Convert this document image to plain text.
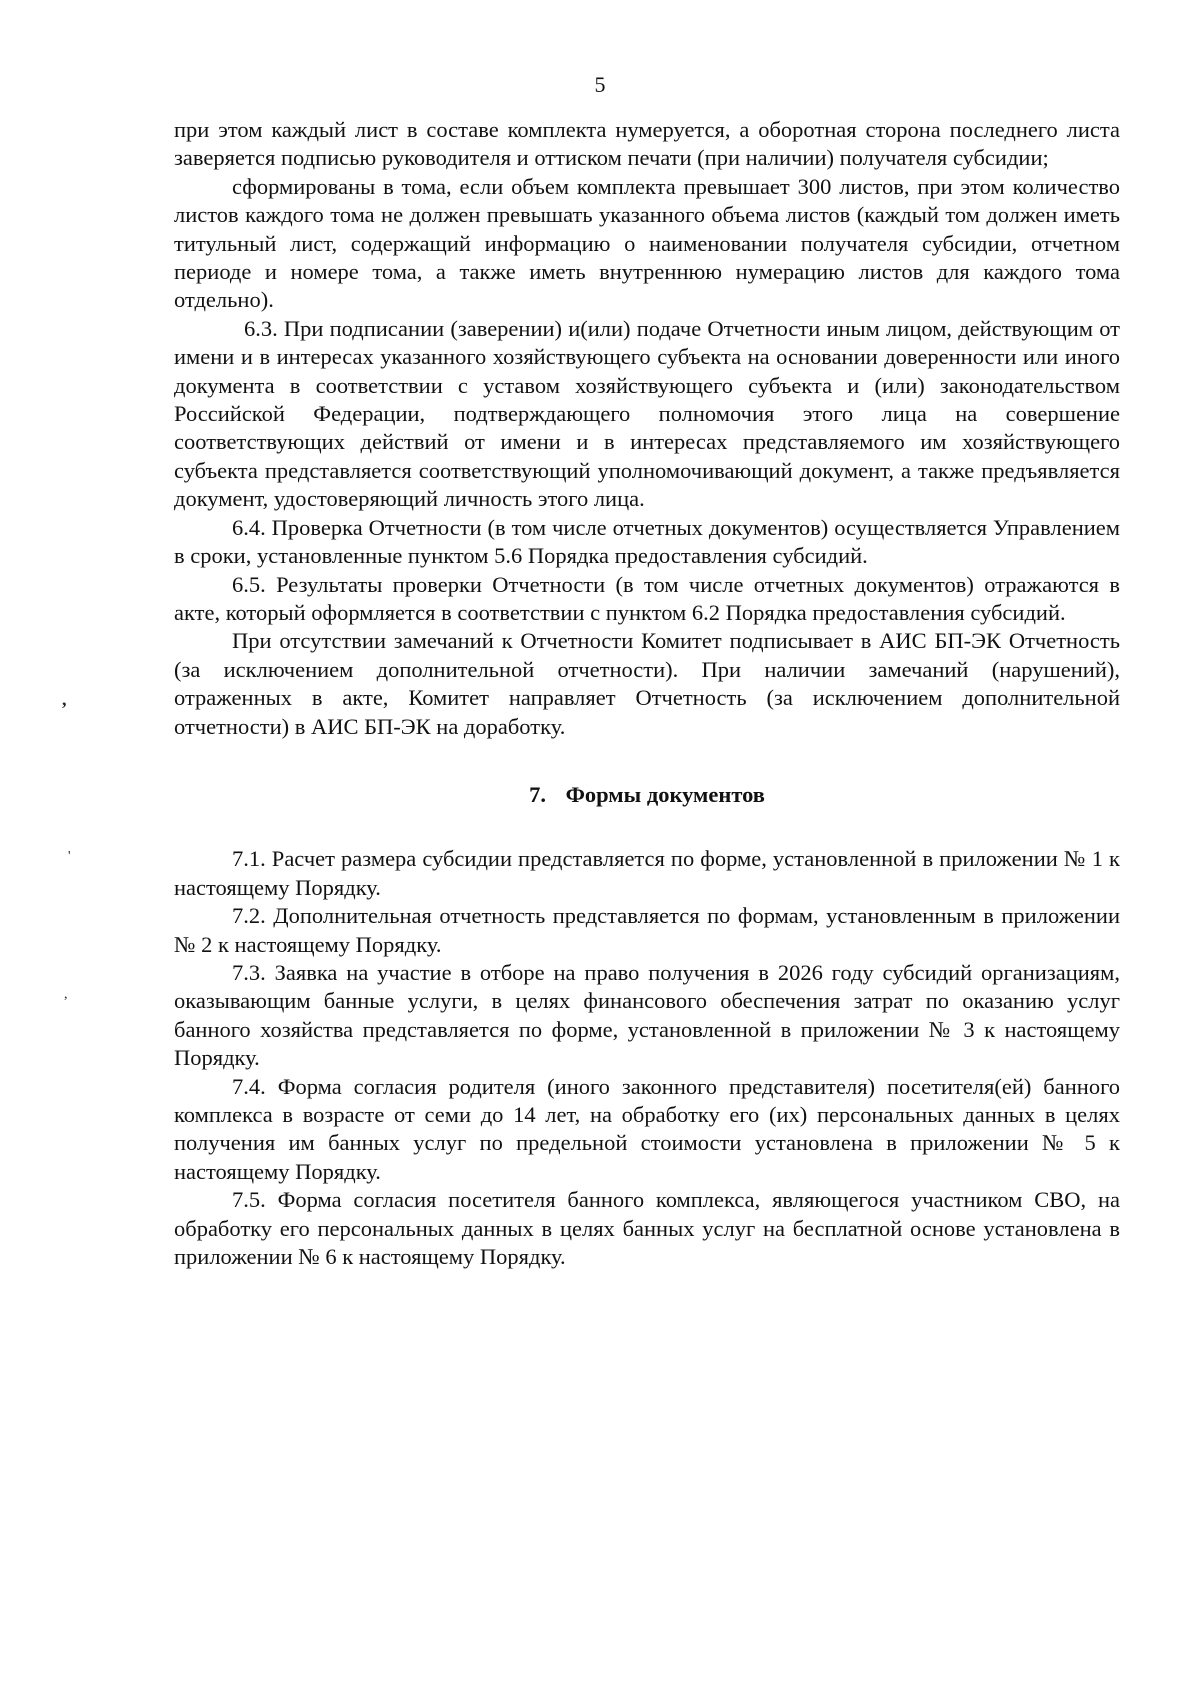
5
,
'
,

при этом каждый лист в составе комплекта нумеруется, а оборотная сторона последнего листа заверяется подписью руководителя и оттиском печати (при наличии) получателя субсидии;

сформированы в тома, если объем комплекта превышает 300 листов, при этом количество листов каждого тома не должен превышать указанного объема листов (каждый том должен иметь титульный лист, содержащий информацию о наименовании получателя субсидии, отчетном периоде и номере тома, а также иметь внутреннюю нумерацию листов для каждого тома отдельно).

6.3. При подписании (заверении) и(или) подаче Отчетности иным лицом, действующим от имени и в интересах указанного хозяйствующего субъекта на основании доверенности или иного документа в соответствии с уставом хозяйствующего субъекта и (или) законодательством Российской Федерации, подтверждающего полномочия этого лица на совершение соответствующих действий от имени и в интересах представляемого им хозяйствующего субъекта представляется соответствующий уполномочивающий документ, а также предъявляется документ, удостоверяющий личность этого лица.

6.4. Проверка Отчетности (в том числе отчетных документов) осуществляется Управлением в сроки, установленные пунктом 5.6 Порядка предоставления субсидий.

6.5. Результаты проверки Отчетности (в том числе отчетных документов) отражаются в акте, который оформляется в соответствии с пунктом 6.2 Порядка предоставления субсидий.

При отсутствии замечаний к Отчетности Комитет подписывает в АИС БП-ЭК Отчетность (за исключением дополнительной отчетности). При наличии замечаний (нарушений), отраженных в акте, Комитет направляет Отчетность (за исключением дополнительной отчетности) в АИС БП-ЭК на доработку.

7. Формы документов

7.1. Расчет размера субсидии представляется по форме, установленной в приложении № 1 к настоящему Порядку.

7.2. Дополнительная отчетность представляется по формам, установленным в приложении № 2 к настоящему Порядку.

7.3. Заявка на участие в отборе на право получения в 2026 году субсидий организациям, оказывающим банные услуги, в целях финансового обеспечения затрат по оказанию услуг банного хозяйства представляется по форме, установленной в приложении № 3 к настоящему Порядку.

7.4. Форма согласия родителя (иного законного представителя) посетителя(ей) банного комплекса в возрасте от семи до 14 лет, на обработку его (их) персональных данных в целях получения им банных услуг по предельной стоимости установлена в приложении № 5 к настоящему Порядку.

7.5. Форма согласия посетителя банного комплекса, являющегося участником СВО, на обработку его персональных данных в целях банных услуг на бесплатной основе установлена в приложении № 6 к настоящему Порядку.
